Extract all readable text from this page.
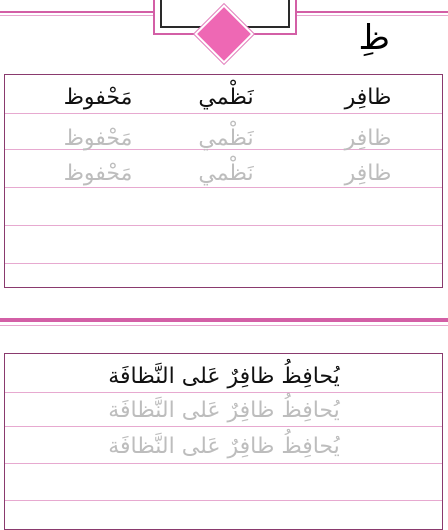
ظ
ظافِر
نَظْمي
مَحْفوظ
ظافِر
نَظْمي
مَحْفوظ
ظافِر
نَظْمي
مَحْفوظ
يُحافِظُ ظافِرٌ عَلى النَّظافَة
يُحافِظُ ظافِرٌ عَلى النَّظافَة
يُحافِظُ ظافِرٌ عَلى النَّظافَة
